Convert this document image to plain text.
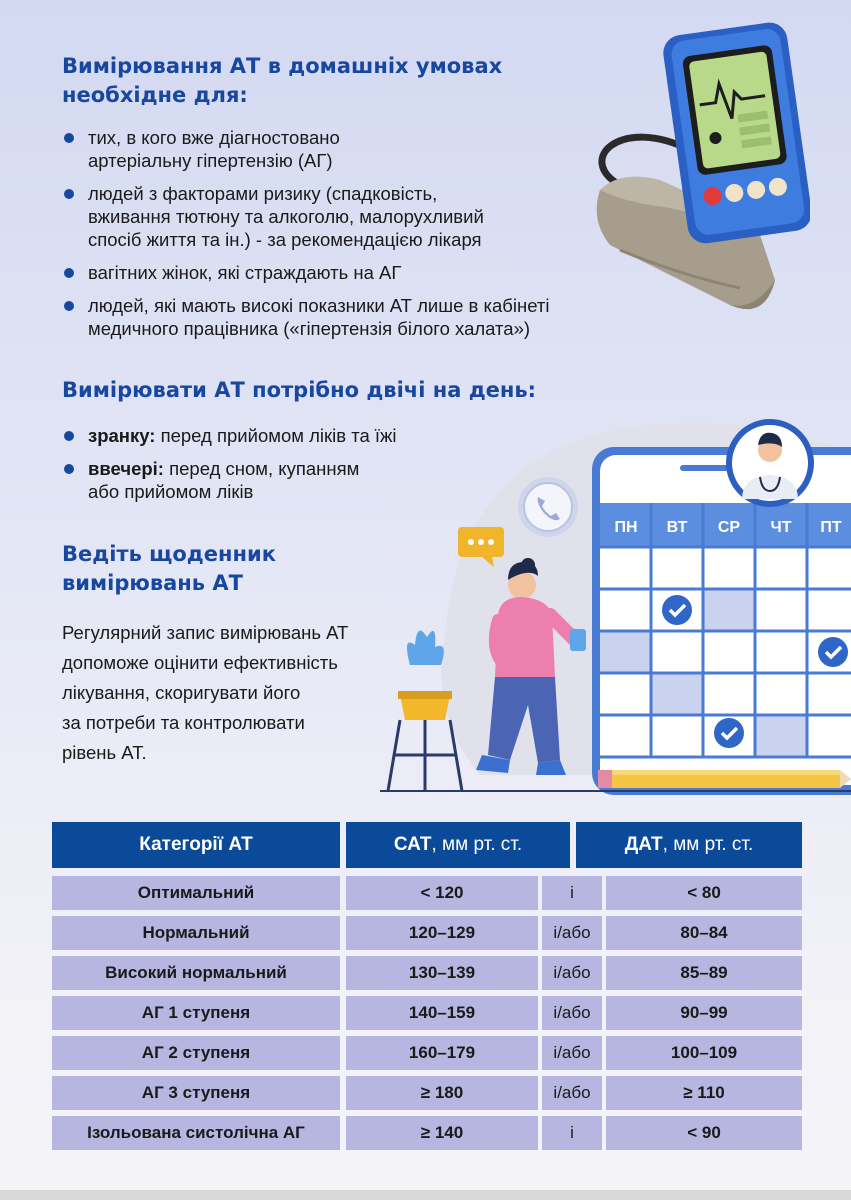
Вимірювання АТ в домашніх умовах
необхідне для:
тих, в кого вже діагностовано
артеріальну гіпертензію (АГ)
людей з факторами ризику (спадковість,
вживання тютюну та алкоголю, малорухливий
спосіб життя та ін.) - за рекомендацією лікаря
вагітних жінок, які страждають на АГ
людей, які мають високі показники АТ лише в кабінеті
медичного працівника («гіпертензія білого халата»)
Вимірювати АТ потрібно двічі на день:
зранку: перед прийомом ліків та їжі
ввечері: перед сном, купанням
або прийомом ліків
Ведіть щоденник
вимірювань АТ

Регулярний запис вимірювань АТ
допоможе оцінити ефективність
лікування, скоригувати його
за потреби та контролювати
рівень АТ.

ПН ВТ СР ЧТ ПТ
Категорії АТ	САТ , мм рт. ст.	ДАТ , мм рт. ст.
Оптимальний	< 120	і	< 80
Нормальний	120–129	і/або	80–84
Високий нормальний	130–139	і/або	85–89
АГ 1 ступеня	140–159	і/або	90–99
АГ 2 ступеня	160–179	і/або	100–109
АГ 3 ступеня	≥ 180	і/або	≥ 110
Ізольована систолічна АГ	≥ 140	і	< 90
